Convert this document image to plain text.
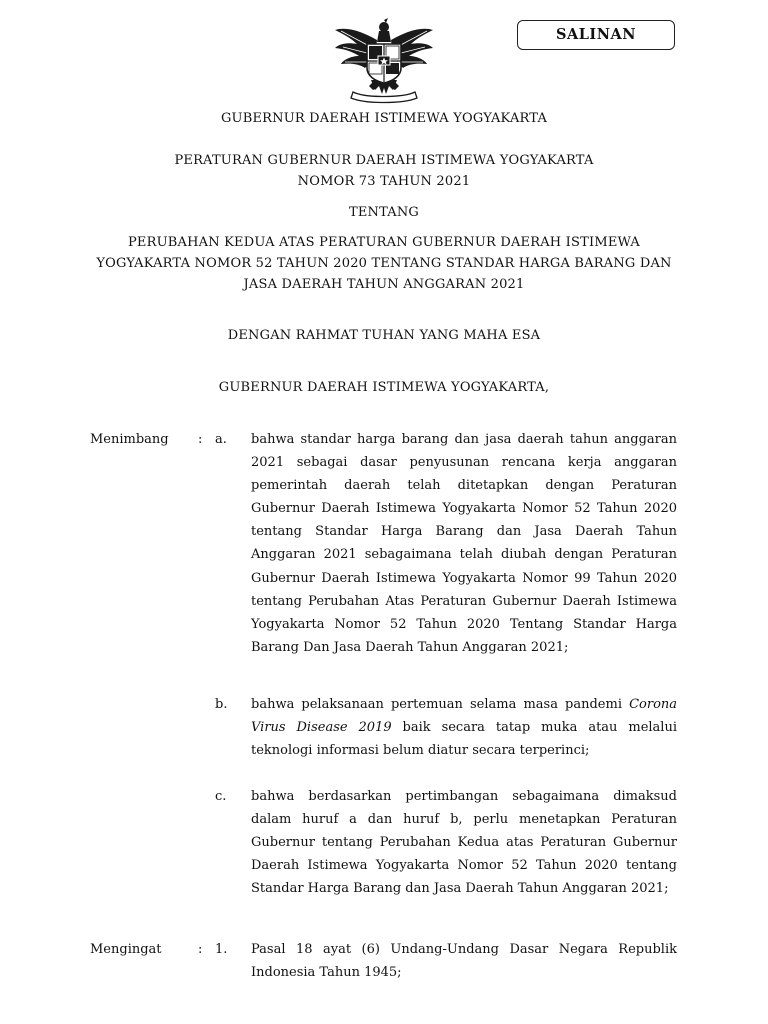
SALINAN
GUBERNUR DAERAH ISTIMEWA YOGYAKARTA
PERATURAN GUBERNUR DAERAH ISTIMEWA YOGYAKARTA
NOMOR 73 TAHUN 2021
TENTANG
PERUBAHAN KEDUA ATAS PERATURAN GUBERNUR DAERAH ISTIMEWA
YOGYAKARTA NOMOR 52 TAHUN 2020 TENTANG STANDAR HARGA BARANG DAN
JASA DAERAH TAHUN ANGGARAN 2021
DENGAN RAHMAT TUHAN YANG MAHA ESA
GUBERNUR DAERAH ISTIMEWA YOGYAKARTA,
Menimbang : a. bahwa standar harga barang dan jasa daerah tahun anggaran 2021 sebagai dasar penyusunan rencana kerja anggaran pemerintah daerah telah ditetapkan dengan Peraturan Gubernur Daerah Istimewa Yogyakarta Nomor 52 Tahun 2020 tentang Standar Harga Barang dan Jasa Daerah Tahun Anggaran 2021 sebagaimana telah diubah dengan Peraturan Gubernur Daerah Istimewa Yogyakarta Nomor 99 Tahun 2020 tentang Perubahan Atas Peraturan Gubernur Daerah Istimewa Yogyakarta Nomor 52 Tahun 2020 Tentang Standar Harga Barang Dan Jasa Daerah Tahun Anggaran 2021;

b. bahwa pelaksanaan pertemuan selama masa pandemi Corona Virus Disease 2019 baik secara tatap muka atau melalui teknologi informasi belum diatur secara terperinci;

c. bahwa berdasarkan pertimbangan sebagaimana dimaksud dalam huruf a dan huruf b, perlu menetapkan Peraturan Gubernur tentang Perubahan Kedua atas Peraturan Gubernur Daerah Istimewa Yogyakarta Nomor 52 Tahun 2020 tentang Standar Harga Barang dan Jasa Daerah Tahun Anggaran 2021;

Mengingat	: 1. Pasal 18 ayat (6) Undang-Undang Dasar Negara Republik Indonesia Tahun 1945;
